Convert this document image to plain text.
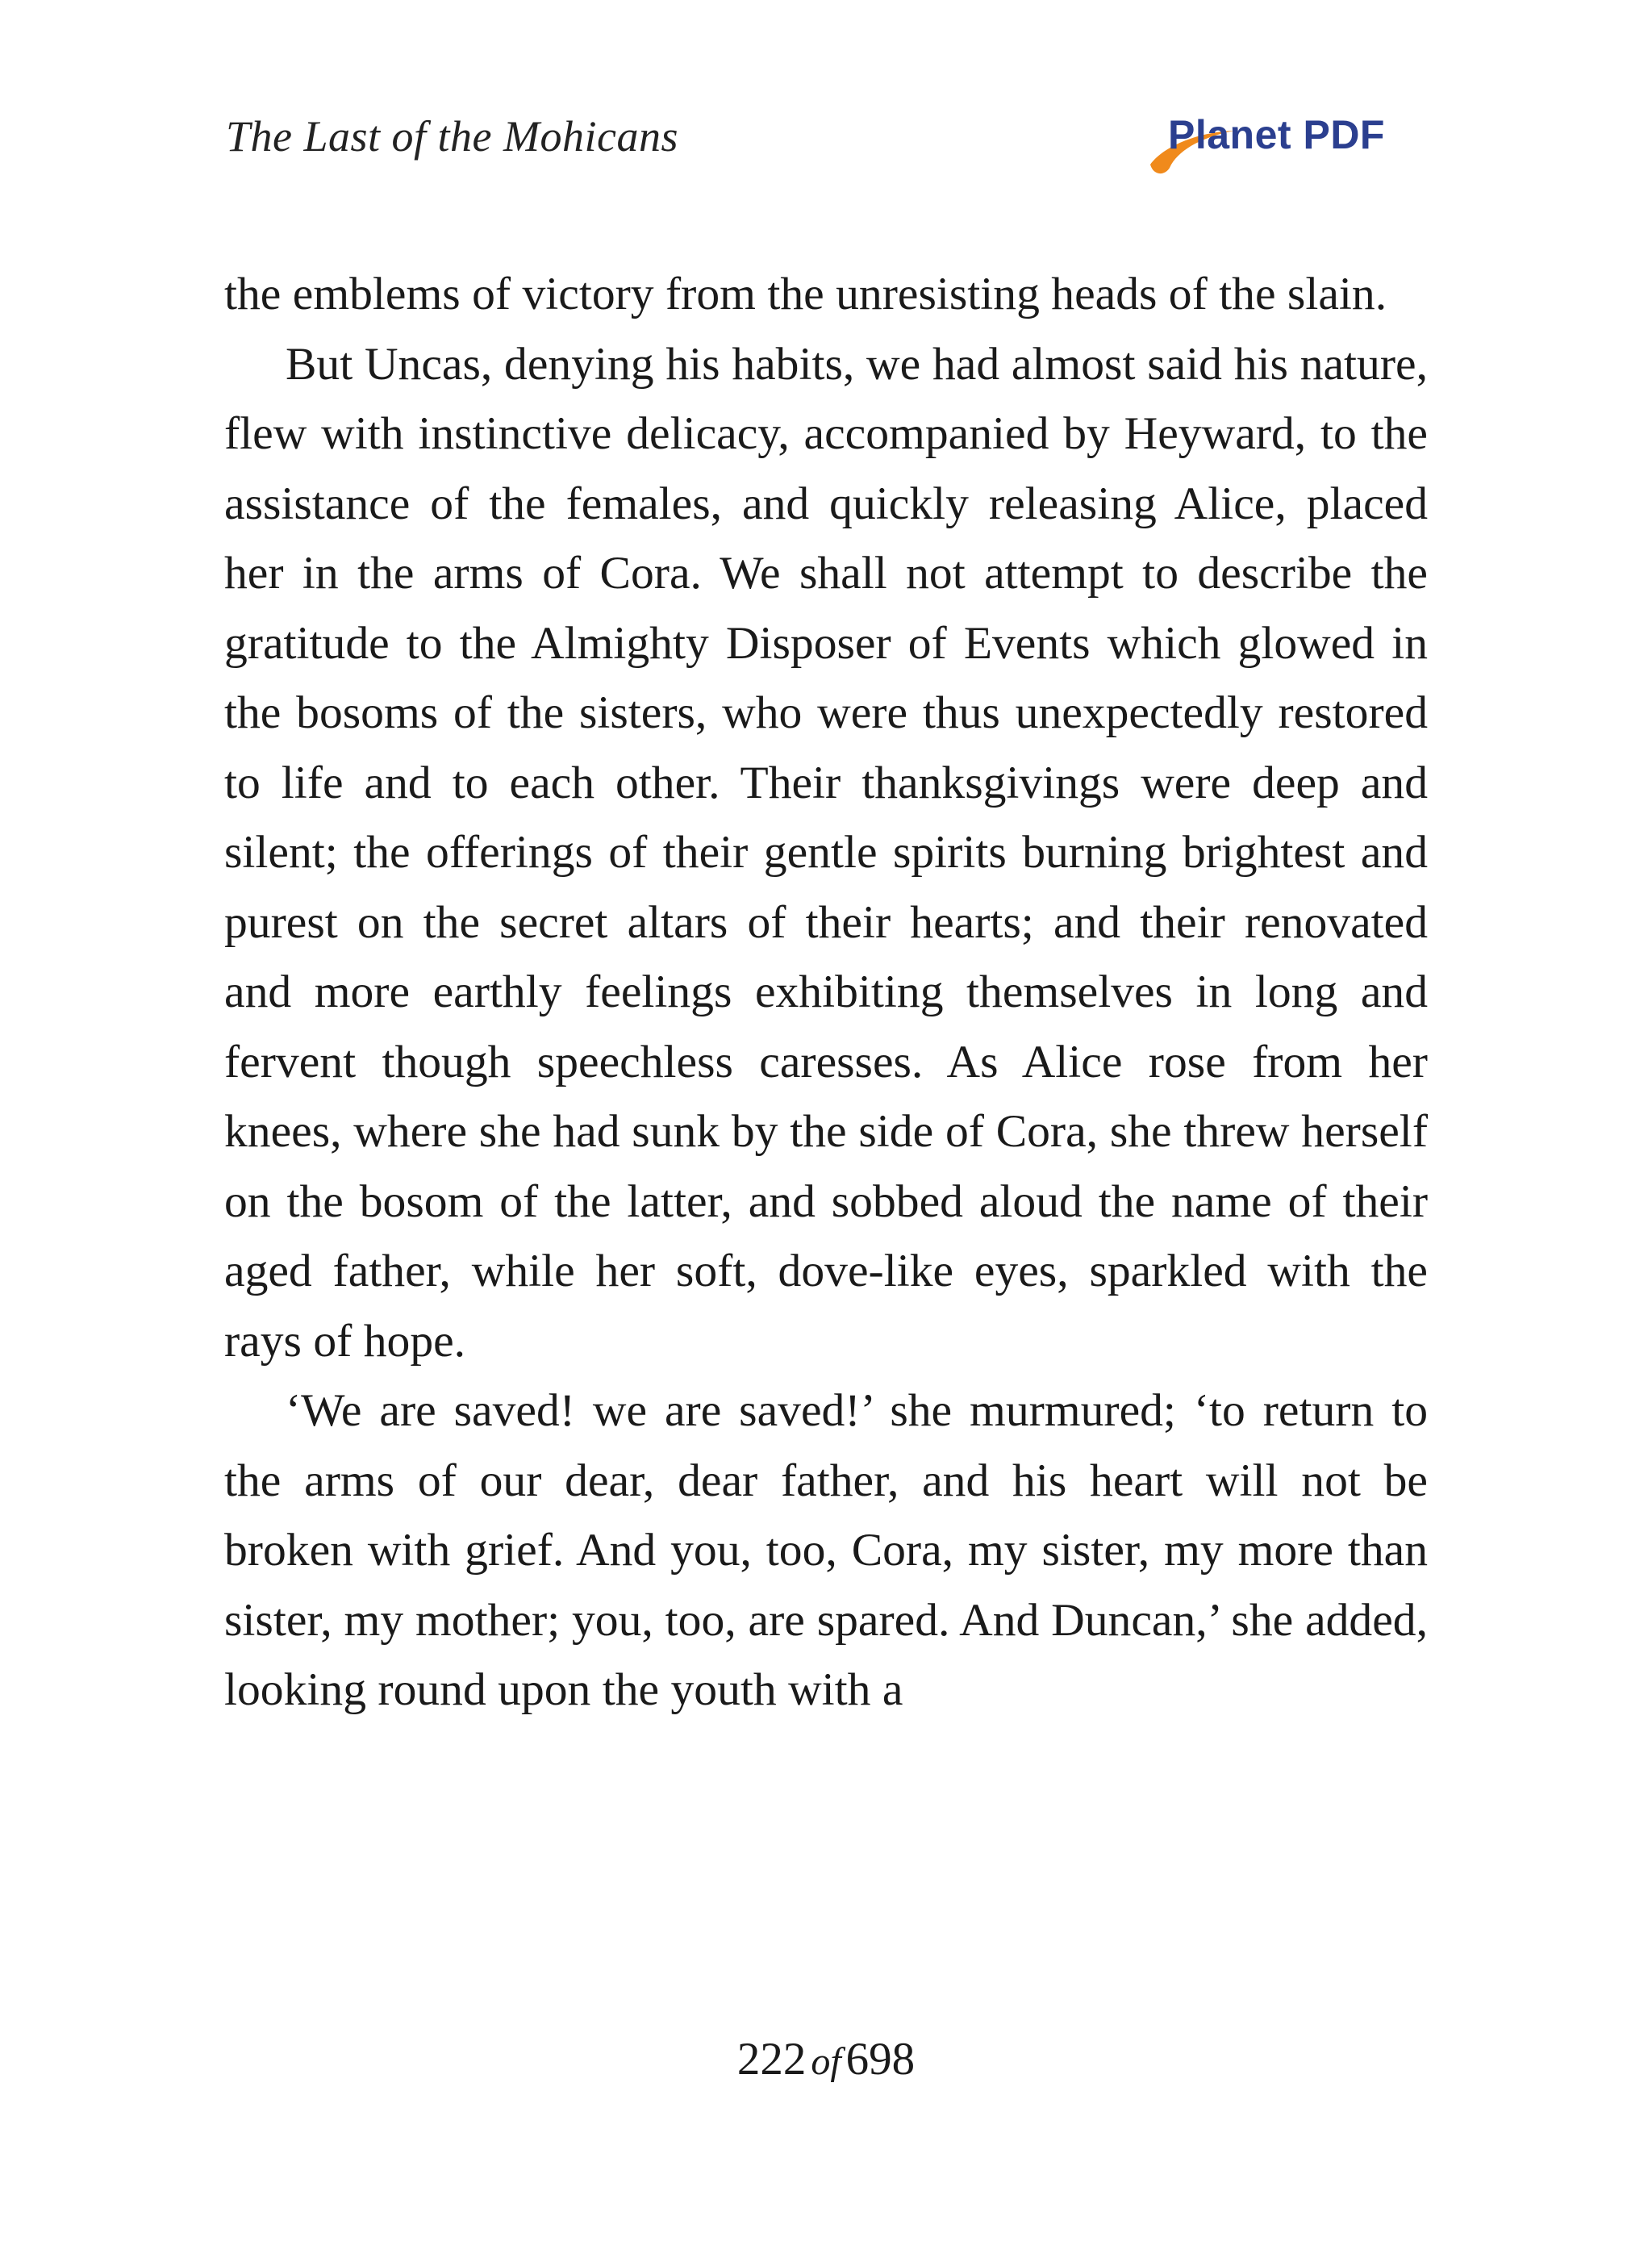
The Last of the Mohicans	Planet PDF

the emblems of victory from the unresisting heads of the slain.

But Uncas, denying his habits, we had almost said his nature, flew with instinctive delicacy, accompanied by Heyward, to the assistance of the females, and quickly releasing Alice, placed her in the arms of Cora. We shall not attempt to describe the gratitude to the Almighty Disposer of Events which glowed in the bosoms of the sisters, who were thus unexpectedly restored to life and to each other. Their thanksgivings were deep and silent; the offerings of their gentle spirits burning brightest and purest on the secret altars of their hearts; and their renovated and more earthly feelings exhibiting themselves in long and fervent though speechless caresses. As Alice rose from her knees, where she had sunk by the side of Cora, she threw herself on the bosom of the latter, and sobbed aloud the name of their aged father, while her soft, dove-like eyes, sparkled with the rays of hope.

‘We are saved! we are saved!’ she murmured; ‘to return to the arms of our dear, dear father, and his heart will not be broken with grief. And you, too, Cora, my sister, my more than sister, my mother; you, too, are spared. And Duncan,’ she added, looking round upon the youth with a

222 of 698
